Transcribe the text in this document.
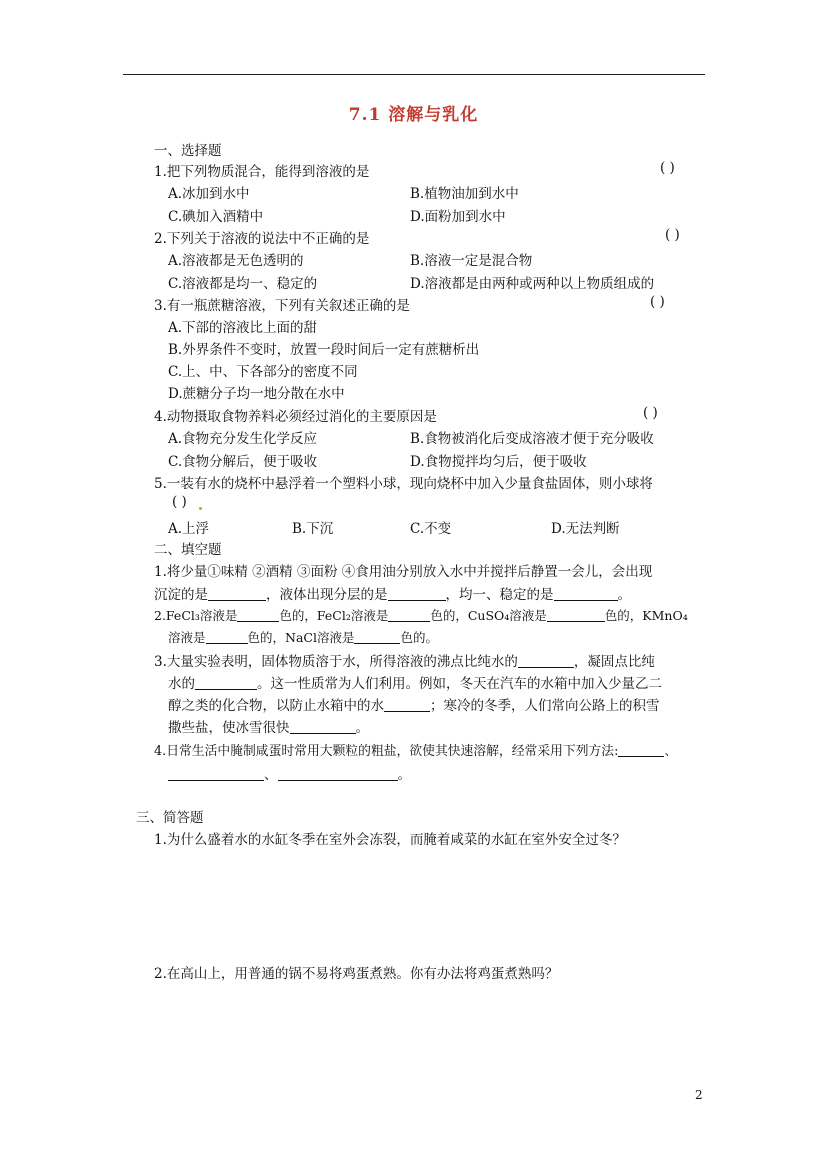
7.1 溶解与乳化
一、选择题
1.把下列物质混合，能得到溶液的是	( )
A.冰加到水中	B.植物油加到水中
C.碘加入酒精中	D.面粉加到水中
2.下列关于溶液的说法中不正确的是	( )
A.溶液都是无色透明的	B.溶液一定是混合物
C.溶液都是均一、稳定的	D.溶液都是由两种或两种以上物质组成的
3.有一瓶蔗糖溶液，下列有关叙述正确的是	( )
A.下部的溶液比上面的甜
B.外界条件不变时，放置一段时间后一定有蔗糖析出
C.上、中、下各部分的密度不同
D.蔗糖分子均一地分散在水中
4.动物摄取食物养料必须经过消化的主要原因是	( )
A.食物充分发生化学反应	B.食物被消化后变成溶液才便于充分吸收
C.食物分解后，便于吸收	D.食物搅拌均匀后，便于吸收
5.一装有水的烧杯中悬浮着一个塑料小球，现向烧杯中加入少量食盐固体，则小球将
( )
A.上浮	B.下沉	C.不变	D.无法判断
二、填空题
1.将少量①味精 ②酒精 ③面粉 ④食用油分别放入水中并搅拌后静置一会儿，会出现
沉淀的是	，液体出现分层的是	，均一、稳定的是	。
2.FeCl₃溶液是	色的，FeCl₂溶液是	色的，CuSO₄溶液是	色的，KMnO₄
溶液是	色的，NaCl溶液是	色的。
3.大量实验表明，固体物质溶于水，所得溶液的沸点比纯水的	，凝固点比纯
水的	。这一性质常为人们利用。例如，冬天在汽车的水箱中加入少量乙二
醇之类的化合物，以防止水箱中的水	；寒冷的冬季，人们常向公路上的积雪
撒些盐，使冰雪很快	。
4.日常生活中腌制咸蛋时常用大颗粒的粗盐，欲使其快速溶解，经常采用下列方法:	、
、	。
三、简答题
1.为什么盛着水的水缸冬季在室外会冻裂，而腌着咸菜的水缸在室外安全过冬？
2.在高山上，用普通的锅不易将鸡蛋煮熟。你有办法将鸡蛋煮熟吗？
2
